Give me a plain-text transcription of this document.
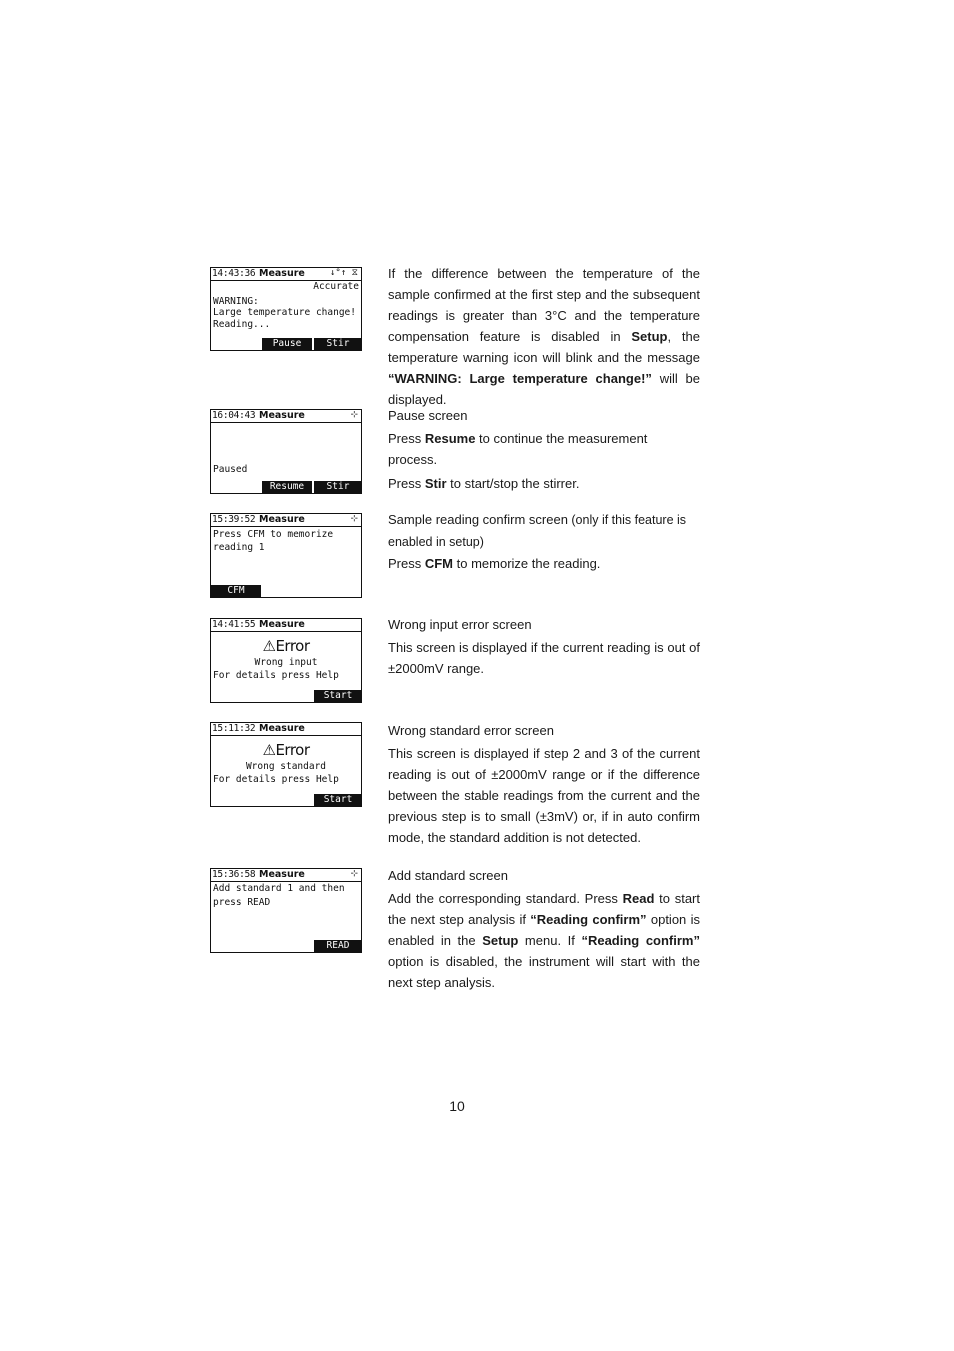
14:43:36 Measure	↓°↑ ⧖
Accurate
WARNING:
Large temperature change!
Reading...
Pause	Stir
16:04:43 Measure	⊹
Paused
Resume	Stir
15:39:52 Measure	⊹
Press CFM to memorize
reading 1
CFM
14:41:55 Measure
⚠Error
Wrong input
For details press Help
Start
15:11:32 Measure
⚠Error
Wrong standard
For details press Help
Start
15:36:58 Measure	⊹
Add standard 1 and then
press READ
READ

If the difference between the temperature of the sample confirmed at the first step and the subsequent readings is greater than 3°C and the temperature compensation feature is disabled in Setup, the temperature warning icon will blink and the message “WARNING: Large temperature change!” will be displayed.

Pause screen

Press Resume to continue the measurement process.

Press Stir to start/stop the stirrer.

Sample reading confirm screen (only if this feature is enabled in setup)

Press CFM to memorize the reading.

Wrong input error screen

This screen is displayed if the current reading is out of ±2000mV range.

Wrong standard error screen

This screen is displayed if step 2 and 3 of the current reading is out of ±2000mV range or if the difference between the stable readings from the current and the previous step is to small (±3mV) or, if in auto confirm mode, the standard addition is not detected.

Add standard screen

Add the corresponding standard. Press Read to start the next step analysis if “Reading confirm” option is enabled in the Setup menu. If “Reading confirm” option is disabled, the instrument will start with the next step analysis.

10
